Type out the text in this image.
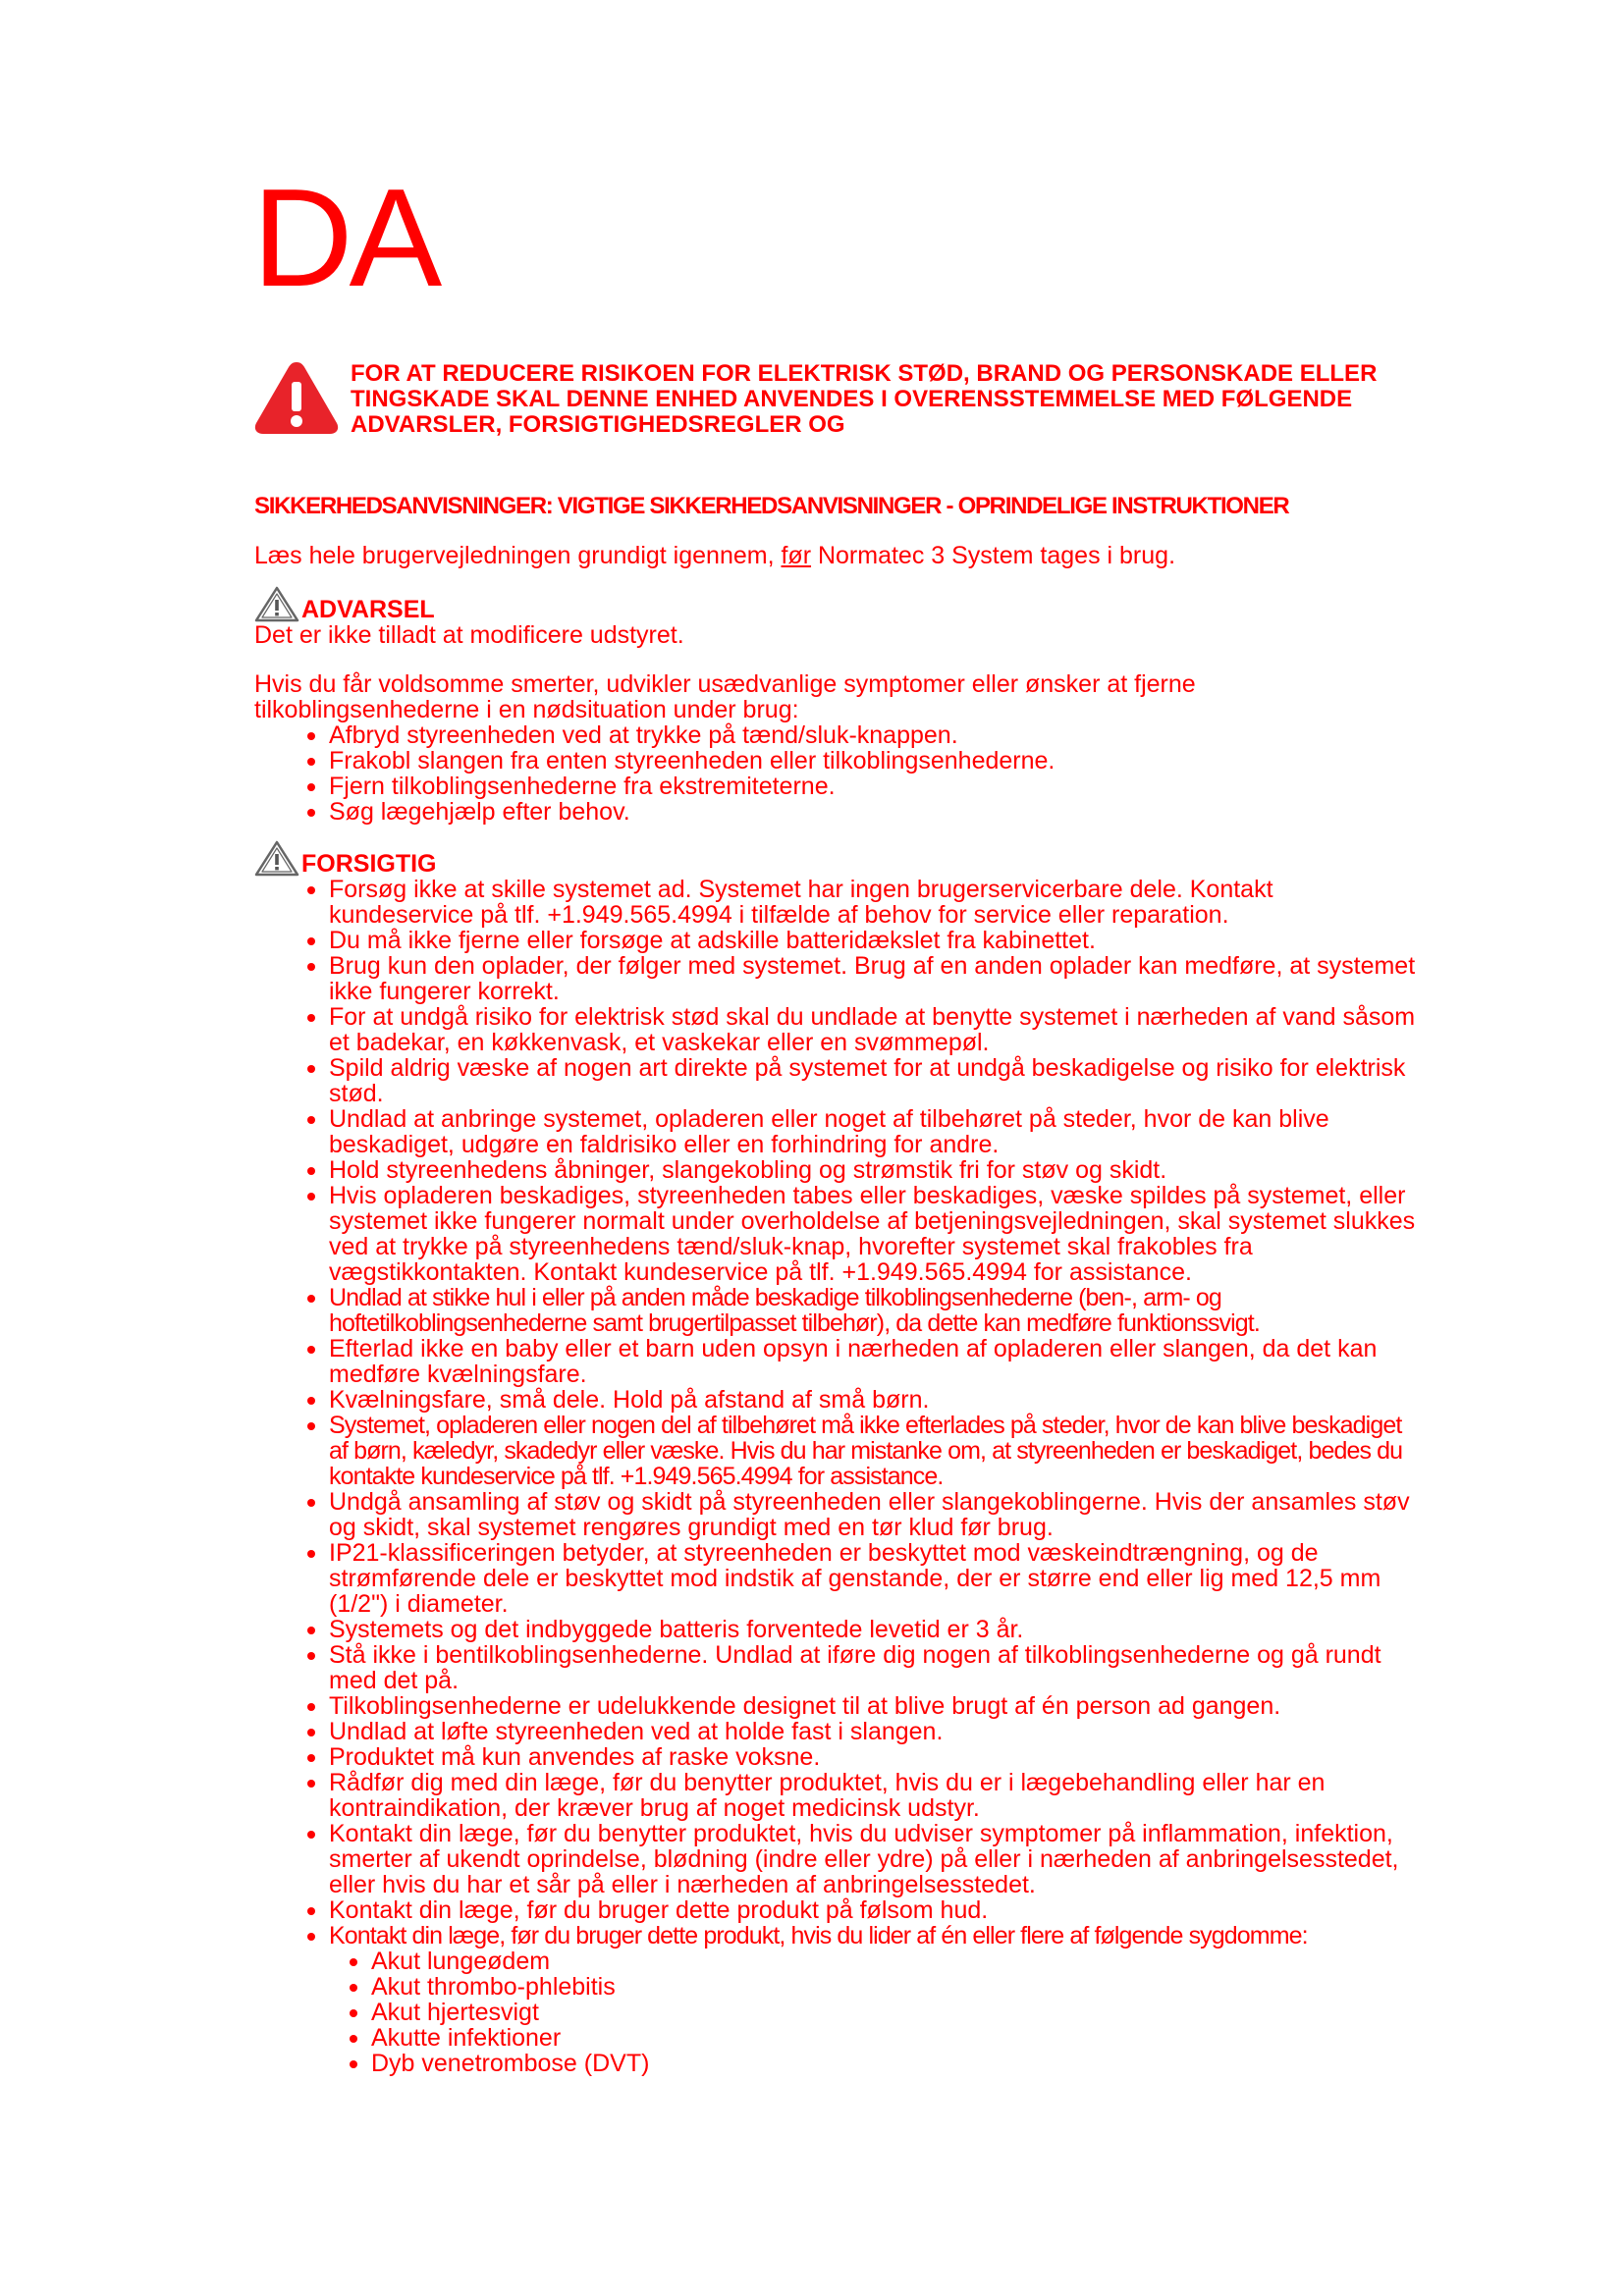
DA
FOR AT REDUCERE RISIKOEN FOR ELEKTRISK STØD, BRAND OG PERSONSKADE ELLER TINGSKADE SKAL DENNE ENHED ANVENDES I OVERENSSTEMMELSE MED FØLGENDE ADVARSLER, FORSIGTIGHEDSREGLER OG
SIKKERHEDSANVISNINGER: VIGTIGE SIKKERHEDSANVISNINGER - OPRINDELIGE INSTRUKTIONER

Læs hele brugervejledningen grundigt igennem, før Normatec 3 System tages i brug.

ADVARSEL

Det er ikke tilladt at modificere udstyret.

Hvis du får voldsomme smerter, udvikler usædvanlige symptomer eller ønsker at fjerne tilkoblingsenhederne i en nødsituation under brug:

Afbryd styreenheden ved at trykke på tænd/sluk-knappen.
Frakobl slangen fra enten styreenheden eller tilkoblingsenhederne.
Fjern tilkoblingsenhederne fra ekstremiteterne.
Søg lægehjælp efter behov.
FORSIGTIG
Forsøg ikke at skille systemet ad. Systemet har ingen brugerservicerbare dele. Kontakt kundeservice på tlf. +1.949.565.4994 i tilfælde af behov for service eller reparation.
Du må ikke fjerne eller forsøge at adskille batteridækslet fra kabinettet.
Brug kun den oplader, der følger med systemet. Brug af en anden oplader kan medføre, at systemet ikke fungerer korrekt.
For at undgå risiko for elektrisk stød skal du undlade at benytte systemet i nærheden af vand såsom et badekar, en køkkenvask, et vaskekar eller en svømmepøl.
Spild aldrig væske af nogen art direkte på systemet for at undgå beskadigelse og risiko for elektrisk stød.
Undlad at anbringe systemet, opladeren eller noget af tilbehøret på steder, hvor de kan blive beskadiget, udgøre en faldrisiko eller en forhindring for andre.
Hold styreenhedens åbninger, slangekobling og strømstik fri for støv og skidt.
Hvis opladeren beskadiges, styreenheden tabes eller beskadiges, væske spildes på systemet, eller systemet ikke fungerer normalt under overholdelse af betjeningsvejledningen, skal systemet slukkes ved at trykke på styreenhedens tænd/sluk-knap, hvorefter systemet skal frakobles fra vægstikkontakten. Kontakt kundeservice på tlf. +1.949.565.4994 for assistance.
Undlad at stikke hul i eller på anden måde beskadige tilkoblingsenhederne (ben-, arm- og hoftetilkoblingsenhederne samt brugertilpasset tilbehør), da dette kan medføre funktionssvigt.
Efterlad ikke en baby eller et barn uden opsyn i nærheden af opladeren eller slangen, da det kan medføre kvælningsfare.
Kvælningsfare, små dele. Hold på afstand af små børn.
Systemet, opladeren eller nogen del af tilbehøret må ikke efterlades på steder, hvor de kan blive beskadiget af børn, kæledyr, skadedyr eller væske. Hvis du har mistanke om, at styreenheden er beskadiget, bedes du kontakte kundeservice på tlf. +1.949.565.4994 for assistance.
Undgå ansamling af støv og skidt på styreenheden eller slangekoblingerne. Hvis der ansamles støv og skidt, skal systemet rengøres grundigt med en tør klud før brug.
IP21-klassificeringen betyder, at styreenheden er beskyttet mod væskeindtrængning, og de strømførende dele er beskyttet mod indstik af genstande, der er større end eller lig med 12,5 mm (1/2") i diameter.
Systemets og det indbyggede batteris forventede levetid er 3 år.
Stå ikke i bentilkoblingsenhederne. Undlad at iføre dig nogen af tilkoblingsenhederne og gå rundt med det på.
Tilkoblingsenhederne er udelukkende designet til at blive brugt af én person ad gangen.
Undlad at løfte styreenheden ved at holde fast i slangen.
Produktet må kun anvendes af raske voksne.
Rådfør dig med din læge, før du benytter produktet, hvis du er i lægebehandling eller har en kontraindikation, der kræver brug af noget medicinsk udstyr.
Kontakt din læge, før du benytter produktet, hvis du udviser symptomer på inflammation, infektion, smerter af ukendt oprindelse, blødning (indre eller ydre) på eller i nærheden af anbringelsesstedet, eller hvis du har et sår på eller i nærheden af anbringelsesstedet.
Kontakt din læge, før du bruger dette produkt på følsom hud.
Kontakt din læge, før du bruger dette produkt, hvis du lider af én eller flere af følgende sygdomme:
Akut lungeødem
Akut thrombo-phlebitis
Akut hjertesvigt
Akutte infektioner
Dyb venetrombose (DVT)
